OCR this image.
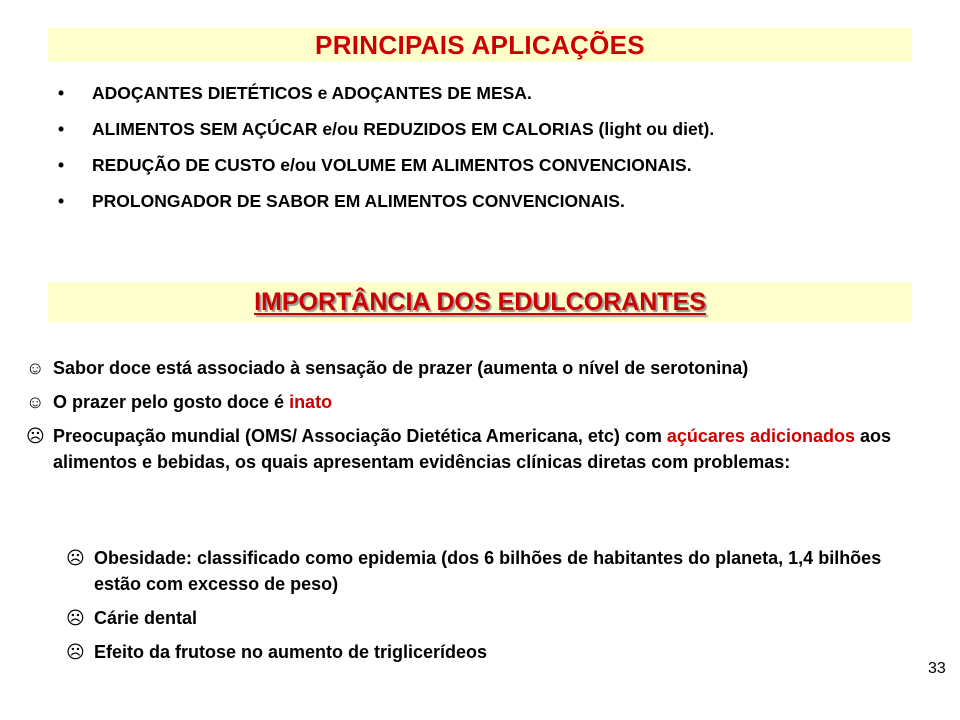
PRINCIPAIS APLICAÇÕES
• ADOÇANTES DIETÉTICOS e ADOÇANTES DE MESA.
• ALIMENTOS SEM AÇÚCAR e/ou REDUZIDOS EM CALORIAS (light ou diet).
• REDUÇÃO DE CUSTO e/ou VOLUME EM ALIMENTOS CONVENCIONAIS.
• PROLONGADOR DE SABOR EM ALIMENTOS CONVENCIONAIS.
IMPORTÂNCIA DOS EDULCORANTES
☺ Sabor doce está associado à sensação de prazer (aumenta o nível de serotonina)
☺ O prazer pelo gosto doce é inato
☹ Preocupação mundial (OMS/ Associação Dietética Americana, etc) com açúcares adicionados aos alimentos e bebidas, os quais apresentam evidências clínicas diretas com problemas:
☹ Obesidade: classificado como epidemia (dos 6 bilhões de habitantes do planeta, 1,4 bilhões estão com excesso de peso)
☹ Cárie dental
☹ Efeito da frutose no aumento de triglicerídeos
33
